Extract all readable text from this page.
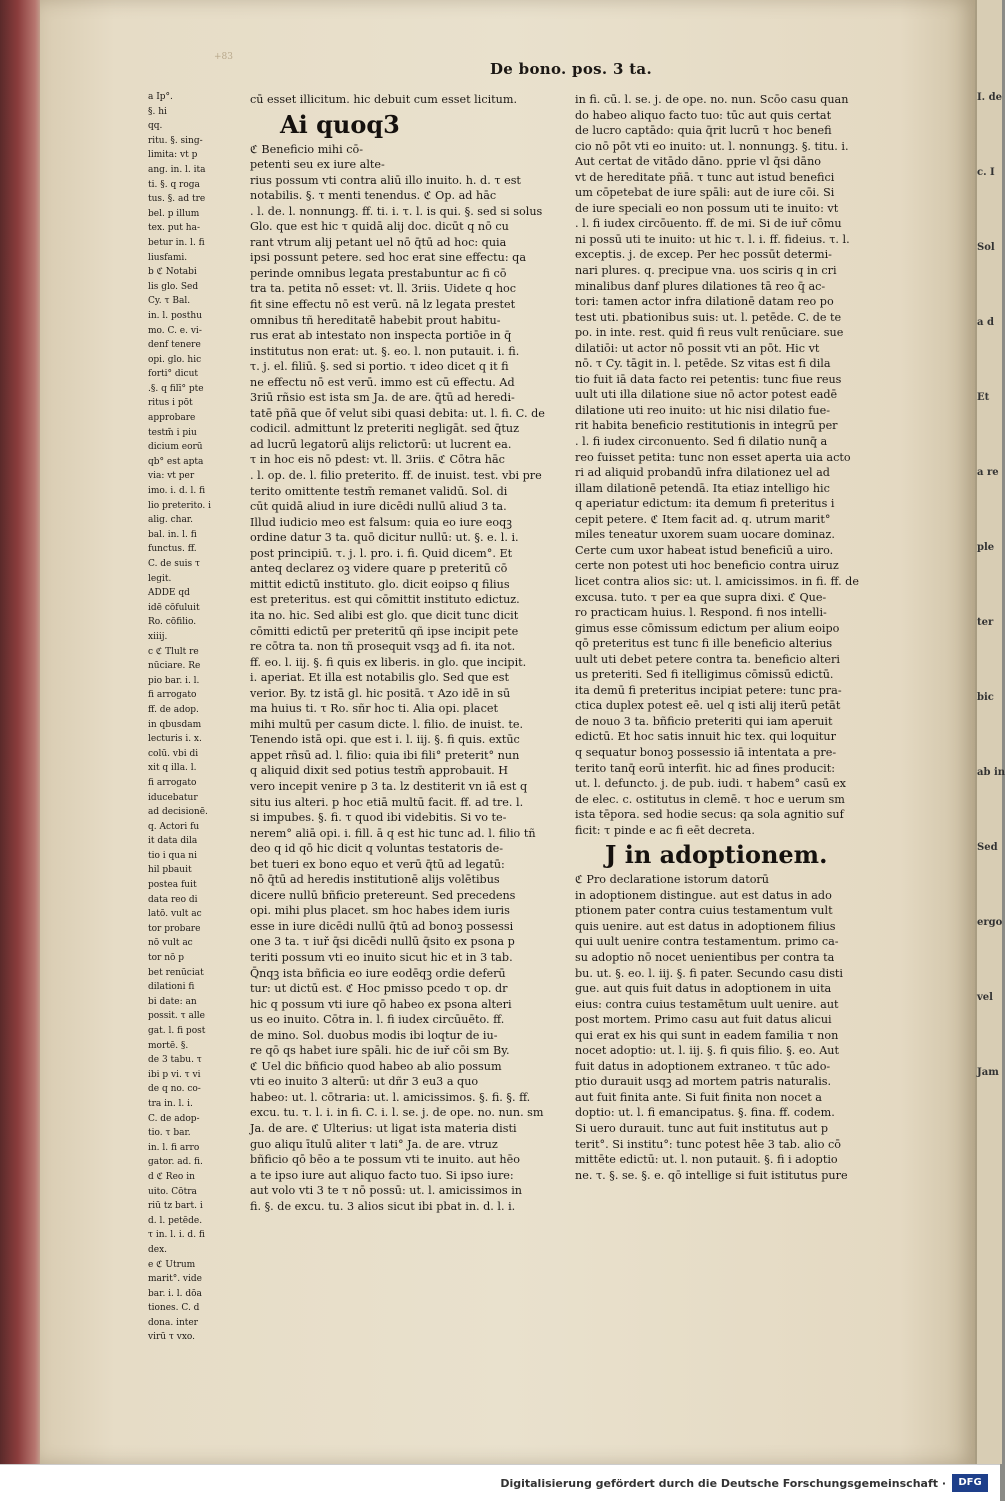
+83
De bono. pos. 3 ta.
a Ip°.
§. hi
qq.
ritu. §. sing-
limita: vt p
ang. in. l. ita
ti. §. q roga
tus. §. ad tre
bel. p illum
tex. put ha-
betur in. l. fi
liusfami.
b ℭ Notabi
lis glo. Sed
Cy. τ Bal.
in. l. posthu
mo. C. e. vi-
denf tenere
opi. glo. hic
forti° dicut
.§. q filī° pte
ritus i pōt
approbare
testm̄ i piu
dicium eorū
qb° est apta
via: vt per
imo. i. d. l. fi
lio preterito. i
alig. char.
bal. in. l. fi
functus. ff.
C. de suis τ
legit.
ADDE qd
idē cōfuluit
Ro. cōfilio.
xiiij.
c ℭ Tlult re
nūciare. Re
pio bar. i. l.
fi arrogato
ff. de adop.
in qbusdam
lecturis i. x.
colū. vbi di
xit q illa. l.
fi arrogato
iducebatur
ad decisionē.
q. Actori fu
it data dila
tio i qua ni
hil pbauit
postea fuit
data reo di
latō. vult ac
tor probare
nō vult ac
tor nō p
bet renūciat
dilationi fi
bi date: an
possit. τ alle
gat. l. fi post
mortē. §.
de 3 tabu. τ
ibi p vi. τ vi
de q no. co-
tra in. l. i.
C. de adop-
tio. τ bar.
in. l. fi arro
gator. ad. fi.
d ℭ Reo in
uito. Cōtra
riū tz bart. i
d. l. petēde.
τ in. l. i. d. fi
dex.
e ℭ Utrum
marit°. vide
bar. i. l. dōa
tiones. C. d
dona. inter
virū τ vxo.
cū esset illicitum. hic debuit cum esset licitum.
Ai quoq3
ℭ Beneficio mihi cō-
petenti seu ex iure alte-
rius possum vti contra aliū illo inuito. h. d. τ est
notabilis. §. τ menti tenendus. ℭ Op. ad hāc
. l. de. l. nonnungꝫ. ff. ti. i. τ. l. is qui. §. sed si solus
Glo. que est hic τ quidā alij doc. dicūt q nō cu
rant vtrum alij petant uel nō q̄tū ad hoc: quia
ipsi possunt petere. sed hoc erat sine effectu: qa
perinde omnibus legata prestabuntur ac fi cō
tra ta. petita nō esset: vt. ll. 3riis. Uidete q hoc
fit sine effectu nō est verū. nā lz legata prestet
omnibus tñ hereditatē habebit prout habitu-
rus erat ab intestato non inspecta portiōe in q̄
institutus non erat: ut. §. eo. l. non putauit. i. fi.
τ. j. el. filiū. §. sed si portio. τ ideo dicet q it fi
ne effectu nō est verū. immo est cū effectu. Ad
3riū rñsio est ista sm Ja. de are. q̄tū ad heredi-
tatē pñā que ōf velut sibi quasi debita: ut. l. fi. C. de
codicil. admittunt lz preteriti negligāt. sed q̄tuz
ad lucrū legatorū alijs relictorū: ut lucrent ea.
τ in hoc eis nō pdest: vt. ll. 3riis. ℭ Cōtra hāc
. l. op. de. l. filio preterito. ff. de inuist. test. vbi pre
terito omittente testm̄ remanet validū. Sol. di
cūt quidā aliud in iure dicēdi nullū aliud 3 ta.
Illud iudicio meo est falsum: quia eo iure eoqꝫ
ordine datur 3 ta. quō dicitur nullū: ut. §. e. l. i.
post principiū. τ. j. l. pro. i. fi. Quid dicem°. Et
anteq declarez oꝫ videre quare p preteritū cō
mittit edictū instituto. glo. dicit eoipso q filius
est preteritus. est qui cōmittit instituto edictuz.
ita no. hic. Sed alibi est glo. que dicit tunc dicit
cōmitti edictū per preteritū qñ ipse incipit pete
re cōtra ta. non tñ prosequit vsqꝫ ad fi. ita not.
ff. eo. l. iij. §. fi quis ex liberis. in glo. que incipit.
i. aperiat. Et illa est notabilis glo. Sed que est
verior. By. tz istā gl. hic positā. τ Azo idē in sū
ma huius ti. τ Ro. sñr hoc ti. Alia opi. placet
mihi multū per casum dicte. l. filio. de inuist. te.
Tenendo istā opi. que est i. l. iij. §. fi quis. extūc
appet rñsū ad. l. filio: quia ibi fili° preterit° nun
q aliquid dixit sed potius testm̄ approbauit. H
vero incepit venire p 3 ta. lz destiterit vn iā est q
situ ius alteri. p hoc etiā multū facit. ff. ad tre. l.
si impubes. §. fi. τ quod ibi videbitis. Si vo te-
nerem° aliā opi. i. fill. ā q est hic tunc ad. l. filio tñ
deo q id qō hic dicit q voluntas testatoris de-
bet tueri ex bono equo et verū q̄tū ad legatū:
nō q̄tū ad heredis institutionē alijs volētibus
dicere nullū bñficio pretereunt. Sed precedens
opi. mihi plus placet. sm hoc habes idem iuris
esse in iure dicēdi nullū q̄tū ad bonoꝫ possessi
one 3 ta. τ iuř q̄si dicēdi nullū q̄sito ex psona p
teriti possum vti eo inuito sicut hic et in 3 tab.
Q̄nqꝫ ista bñficia eo iure eodēqꝫ ordie deferū
tur: ut dictū est. ℭ Hoc pmisso pcedo τ op. dr
hic q possum vti iure qō habeo ex psona alteri
us eo inuito. Cōtra in. l. fi iudex circūuēto. ff.
de mino. Sol. duobus modis ibi loqtur de iu-
re qō qs habet iure spāli. hic de iuř cōi sm By.
ℭ Uel dic bñficio quod habeo ab alio possum
vti eo inuito 3 alterū: ut dñr 3 eu3 a quo
habeo: ut. l. cōtraria: ut. l. amicissimos. §. fi. §. ff.
excu. tu. τ. l. i. in fi. C. i. l. se. j. de ope. no. nun. sm
Ja. de are. ℭ Ulterius: ut ligat ista materia disti
guo aliqu ītulū aliter τ lati° Ja. de are. vtruz
bñficio qō bēo a te possum vti te inuito. aut hēo
a te ipso iure aut aliquo facto tuo. Si ipso iure:
aut volo vti 3 te τ nō possū: ut. l. amicissimos in
fi. §. de excu. tu. 3 alios sicut ibi pbat in. d. l. i.
in fi. cū. l. se. j. de ope. no. nun. Scōo casu quan
do habeo aliquo facto tuo: tūc aut quis certat
de lucro captādo: quia q̄rit lucrū τ hoc benefi
cio nō pōt vti eo inuito: ut. l. nonnungꝫ. §. titu. i.
Aut certat de vitādo dāno. pprie vl q̄si dāno
vt de hereditate pñā. τ tunc aut istud benefici
um cōpetebat de iure spāli: aut de iure cōi. Si
de iure speciali eo non possum uti te inuito: vt
. l. fi iudex circōuento. ff. de mi. Si de iuř cōmu
ni possū uti te inuito: ut hic τ. l. i. ff. fideius. τ. l.
exceptis. j. de excep. Per hec possūt determi-
nari plures. q. precipue vna. uos sciris q in cri
minalibus danf plures dilationes tā reo q̄ ac-
tori: tamen actor infra dilationē datam reo po
test uti. pbationibus suis: ut. l. petēde. C. de te
po. in inte. rest. quid fi reus vult renūciare. sue
dilatiōi: ut actor nō possit vti an pōt. Hic vt
nō. τ Cy. tāgit in. l. petēde. Sz vitas est fi dila
tio fuit iā data facto rei petentis: tunc fiue reus
uult uti illa dilatione siue nō actor potest eadē
dilatione uti reo inuito: ut hic nisi dilatio fue-
rit habita beneficio restitutionis in integrū per
. l. fi iudex circonuento. Sed fi dilatio nunq̄ a
reo fuisset petita: tunc non esset aperta uia acto
ri ad aliquid probandū infra dilationez uel ad
illam dilationē petendā. Ita etiaz intelligo hic
q aperiatur edictum: ita demum fi preteritus i
cepit petere. ℭ Item facit ad. q. utrum marit°
miles teneatur uxorem suam uocare dominaz.
Certe cum uxor habeat istud beneficiū a uiro.
certe non potest uti hoc beneficio contra uiruz
licet contra alios sic: ut. l. amicissimos. in fi. ff. de
excusa. tuto. τ per ea que supra dixi. ℭ Que-
ro practicam huius. l. Respond. fi nos intelli-
gimus esse cōmissum edictum per alium eoipo
qō preteritus est tunc fi ille beneficio alterius
uult uti debet petere contra ta. beneficio alteri
us preteriti. Sed fi itelligimus cōmissū edictū.
ita demū fi preteritus incipiat petere: tunc pra-
ctica duplex potest eē. uel q isti alij iterū petāt
de nouo 3 ta. bñficio preteriti qui iam aperuit
edictū. Et hoc satis innuit hic tex. qui loquitur
q sequatur bonoꝫ possessio iā intentata a pre-
terito tanq̄ eorū interfit. hic ad fines producit:
ut. l. defuncto. j. de pub. iudi. τ habem° casū ex
de elec. c. ostitutus in clemē. τ hoc e uerum sm
ista tēpora. sed hodie secus: qa sola agnitio suf
ficit: τ pinde e ac fi eēt decreta.
J in adoptionem.
ℭ Pro declaratione istorum datorū
in adoptionem distingue. aut est datus in ado
ptionem pater contra cuius testamentum vult
quis uenire. aut est datus in adoptionem filius
qui uult uenire contra testamentum. primo ca-
su adoptio nō nocet uenientibus per contra ta
bu. ut. §. eo. l. iij. §. fi pater. Secundo casu disti
gue. aut quis fuit datus in adoptionem in uita
eius: contra cuius testamētum uult uenire. aut
post mortem. Primo casu aut fuit datus alicui
qui erat ex his qui sunt in eadem familia τ non
nocet adoptio: ut. l. iij. §. fi quis filio. §. eo. Aut
fuit datus in adoptionem extraneo. τ tūc ado-
ptio durauit usqꝫ ad mortem patris naturalis.
aut fuit finita ante. Si fuit finita non nocet a
doptio: ut. l. fi emancipatus. §. fina. ff. codem.
Si uero durauit. tunc aut fuit institutus aut p
terit°. Si institu°: tunc potest hēe 3 tab. alio cō
mittēte edictū: ut. l. non putauit. §. fi i adoptio
ne. τ. §. se. §. e. qō intellige si fuit istitutus pure
I. de
c. I
Sol
a d
Et
a re
ple
ter
bic
ab in
Sed
ergo
vel
Jam
Digitalisierung gefördert durch die Deutsche Forschungsgemeinschaft ·	DFG
